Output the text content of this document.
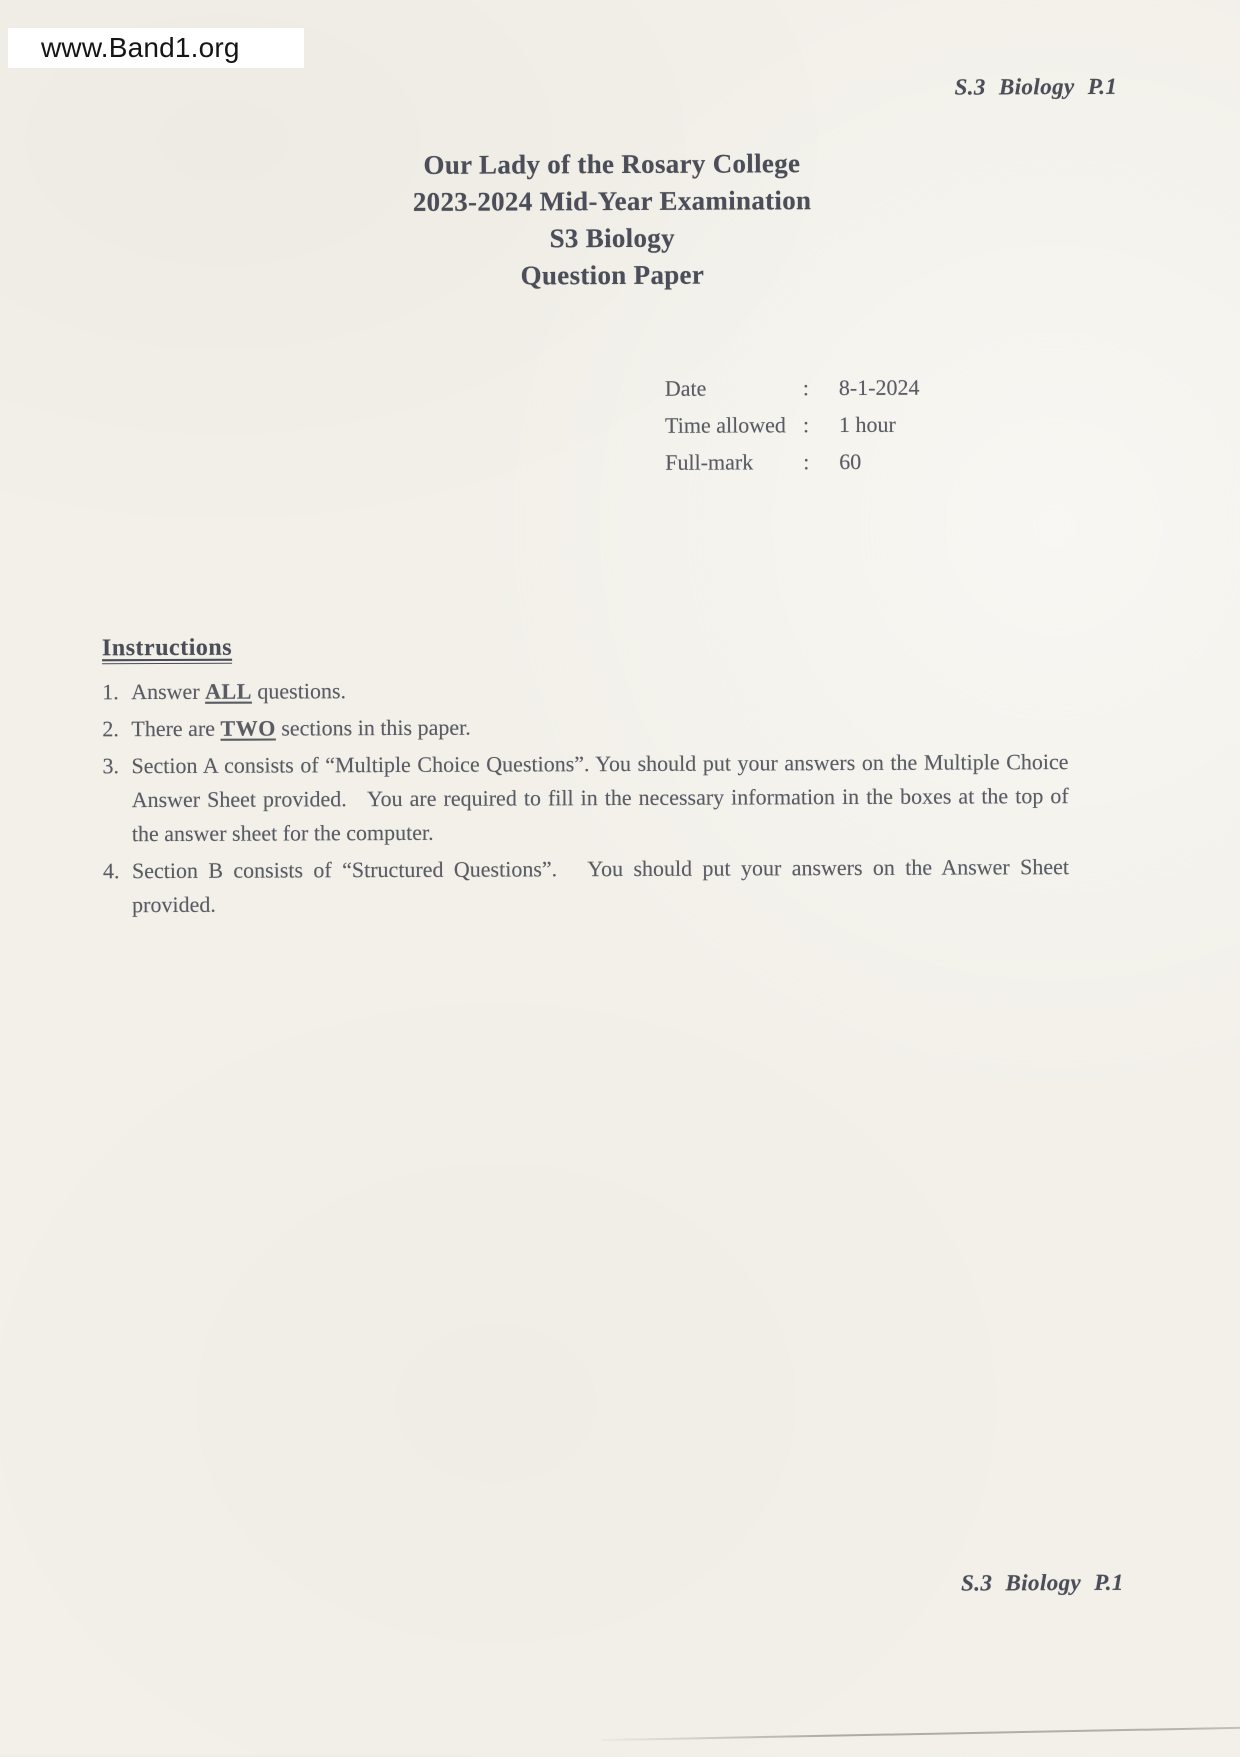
www.Band1.org
S.3 Biology P.1
Our Lady of the Rosary College
2023-2024 Mid-Year Examination
S3 Biology
Question Paper
Date	:	8-1-2024
Time allowed :	1 hour
Full-mark	:	60
Instructions
1. Answer ALL questions.
2. There are TWO sections in this paper.
3. Section A consists of “Multiple Choice Questions”. You should put your answers on the Multiple Choice Answer Sheet provided.   You are required to fill in the necessary information in the boxes at the top of the answer sheet for the computer.
4. Section B consists of “Structured Questions”.   You should put your answers on the Answer Sheet provided.
S.3 Biology P.1
